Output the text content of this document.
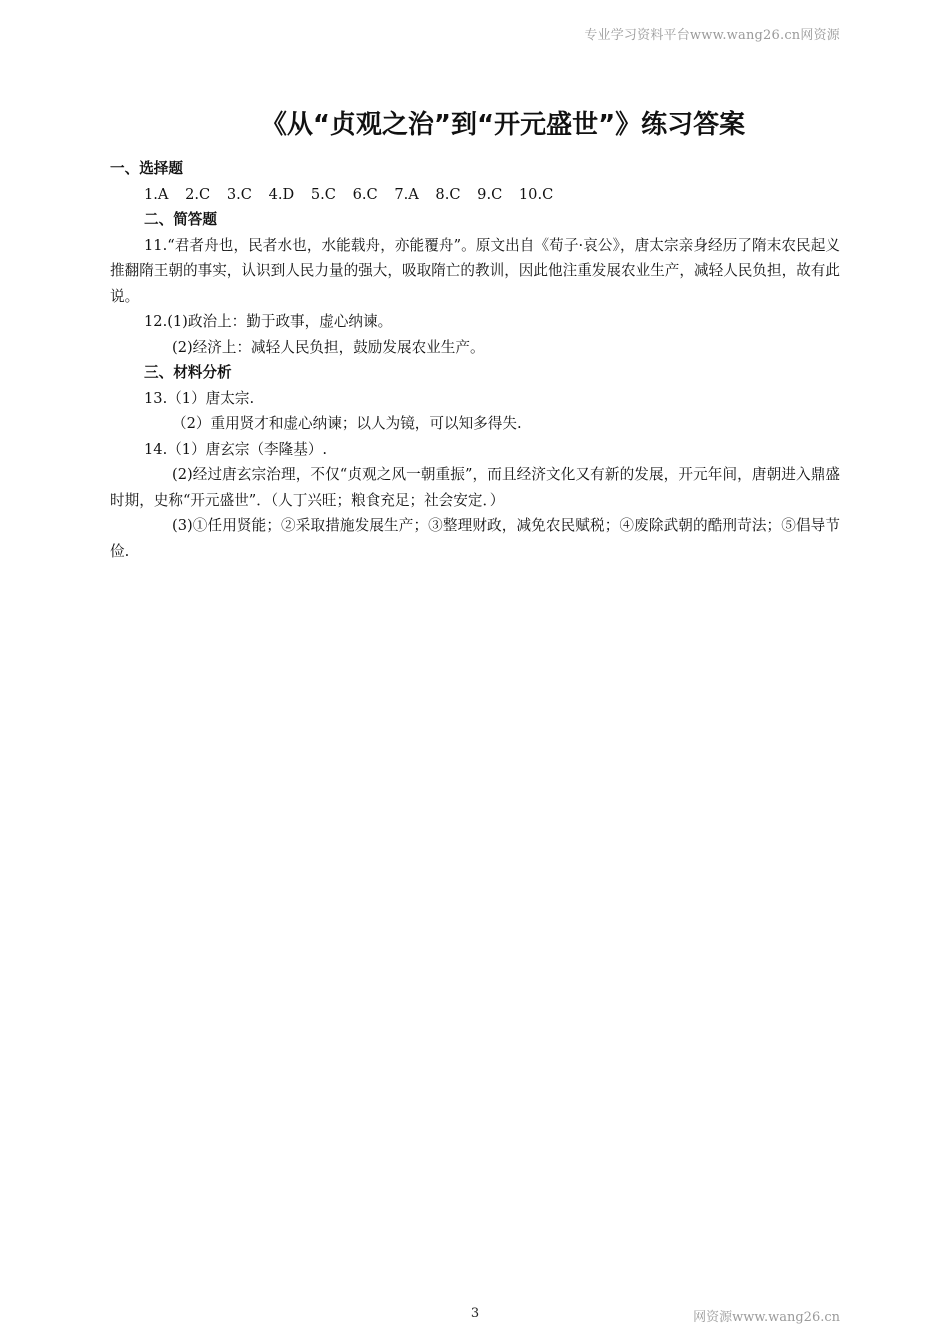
专业学习资料平台www.wang26.cn网资源
《从“贞观之治”到“开元盛世”》练习答案
一、选择题
1.A 2.C 3.C 4.D 5.C 6.C 7.A 8.C 9.C 10.C
二、简答题
11.“君者舟也，民者水也，水能载舟，亦能覆舟”。原文出自《荀子·哀公》，唐太宗亲身经历了隋末农民起义推翻隋王朝的事实，认识到人民力量的强大，吸取隋亡的教训，因此他注重发展农业生产，减轻人民负担，故有此说。
12.(1)政治上：勤于政事，虚心纳谏。
(2)经济上：减轻人民负担，鼓励发展农业生产。
三、材料分析
13.（1）唐太宗.
（2）重用贤才和虚心纳谏；以人为镜，可以知多得失.
14.（1）唐玄宗（李隆基）.
(2)经过唐玄宗治理，不仅“贞观之风一朝重振”，而且经济文化又有新的发展，开元年间，唐朝进入鼎盛时期，史称“开元盛世”．（人丁兴旺；粮食充足；社会安定．）
(3)①任用贤能；②采取措施发展生产；③整理财政，减免农民赋税；④废除武朝的酷刑苛法；⑤倡导节俭.
3	网资源www.wang26.cn
